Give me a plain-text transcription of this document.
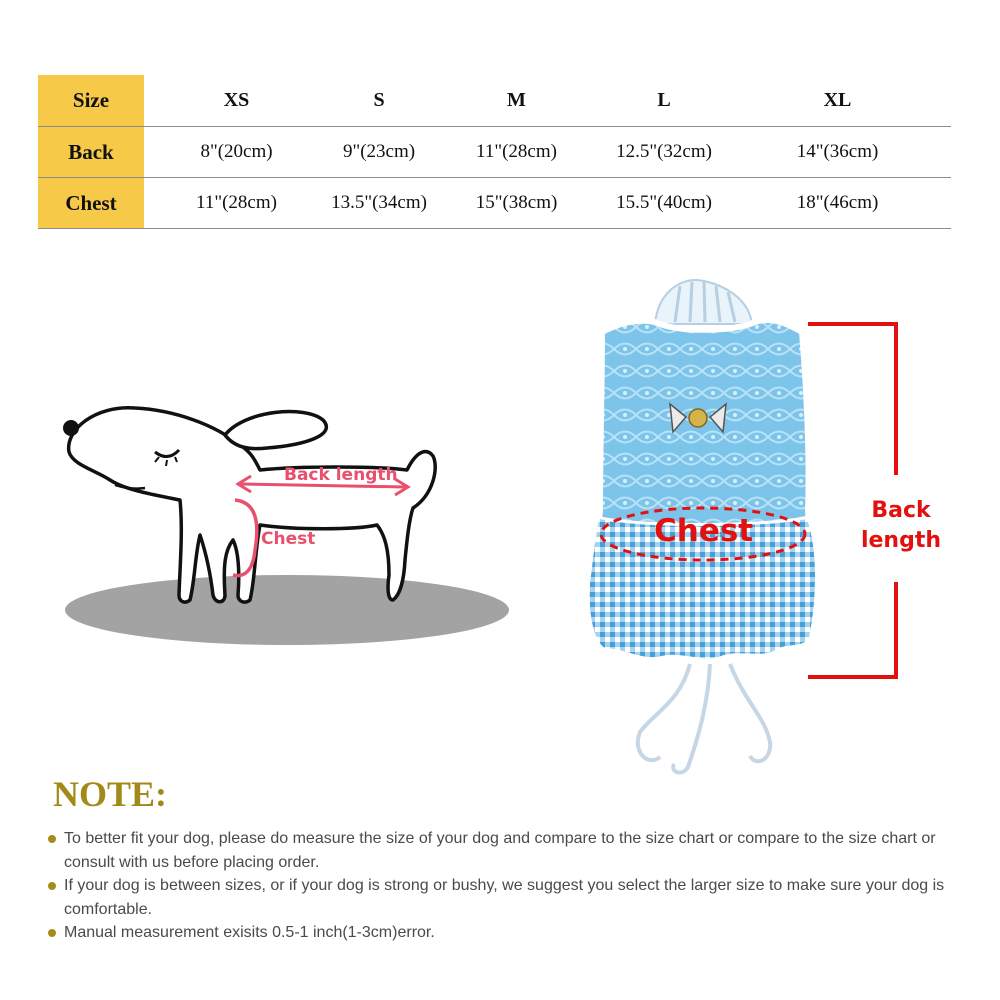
Size	XS	S	M	L	XL
Back	8"(20cm)	9"(23cm)	11"(28cm)	12.5"(32cm)	14"(36cm)
Chest	11"(28cm)	13.5"(34cm)	15"(38cm)	15.5"(40cm)	18"(46cm)
Back length
Chest	Chest
Back
length
NOTE:
To better fit your dog, please do measure the size of your dog and compare to the size chart or compare to the size chart or consult with us before placing order.
If your dog is between sizes, or if your dog is strong or bushy, we suggest you select the larger size to make sure your dog is comfortable.
Manual measurement exisits 0.5-1 inch(1-3cm)error.
